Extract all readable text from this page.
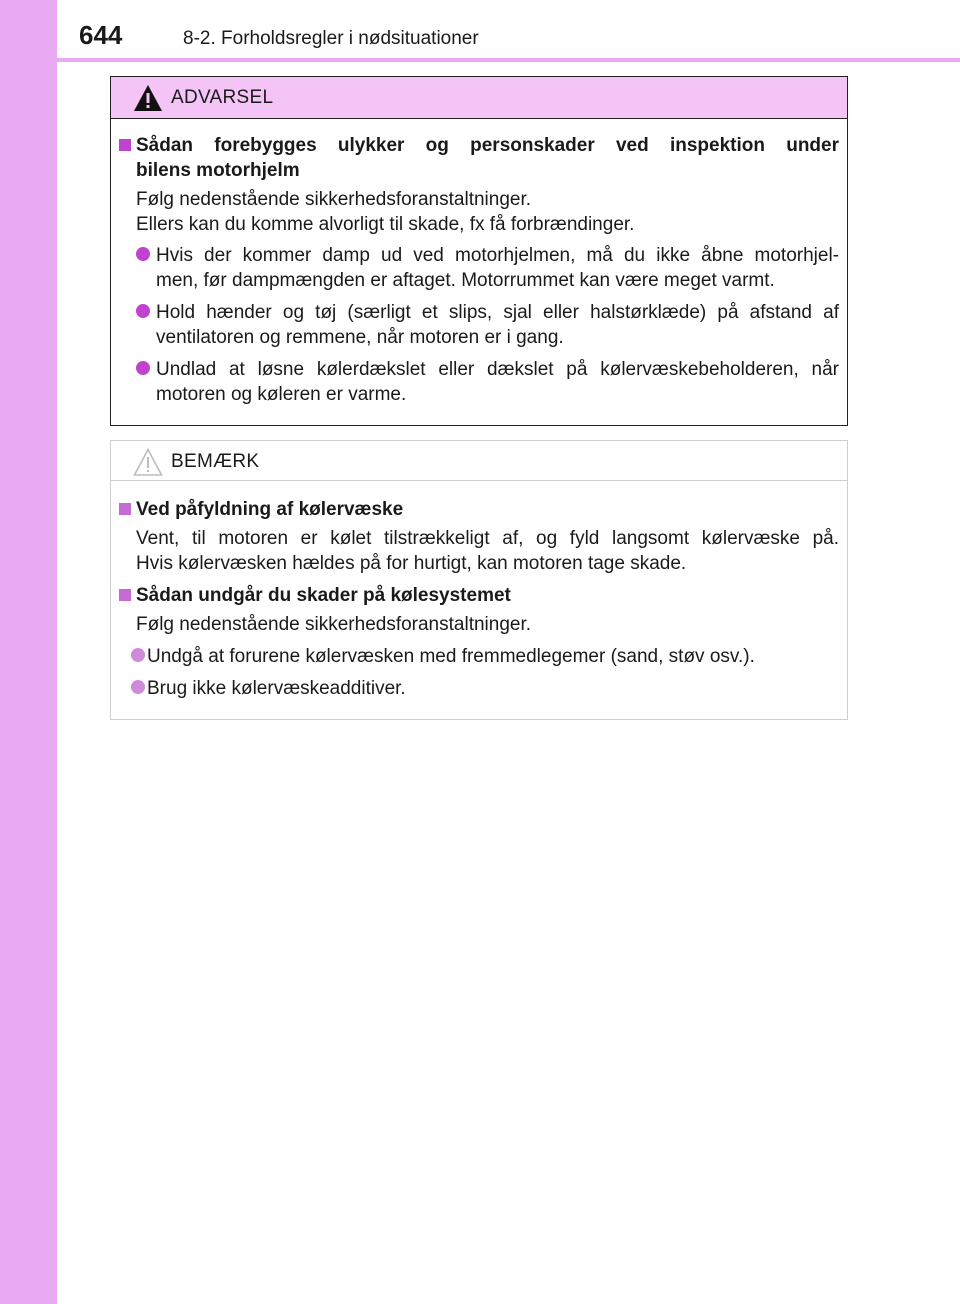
644	8-2. Forholdsregler i nødsituationer
ADVARSEL
Sådan forebygges ulykker og personskader ved inspektion under
bilens motorhjelm

Følg nedenstående sikkerhedsforanstaltninger.
Ellers kan du komme alvorligt til skade, fx få forbrændinger.

Hvis der kommer damp ud ved motorhjelmen, må du ikke åbne motorhjel-
men, før dampmængden er aftaget. Motorrummet kan være meget varmt.
Hold hænder og tøj (særligt et slips, sjal eller halstørklæde) på afstand af
ventilatoren og remmene, når motoren er i gang.
Undlad at løsne kølerdækslet eller dækslet på kølervæskebeholderen, når
motoren og køleren er varme.
BEMÆRK
Ved påfyldning af kølervæske

Vent, til motoren er kølet tilstrækkeligt af, og fyld langsomt kølervæske på.
Hvis kølervæsken hældes på for hurtigt, kan motoren tage skade.

Sådan undgår du skader på kølesystemet

Følg nedenstående sikkerhedsforanstaltninger.

Undgå at forurene kølervæsken med fremmedlegemer (sand, støv osv.).
Brug ikke kølervæskeadditiver.
